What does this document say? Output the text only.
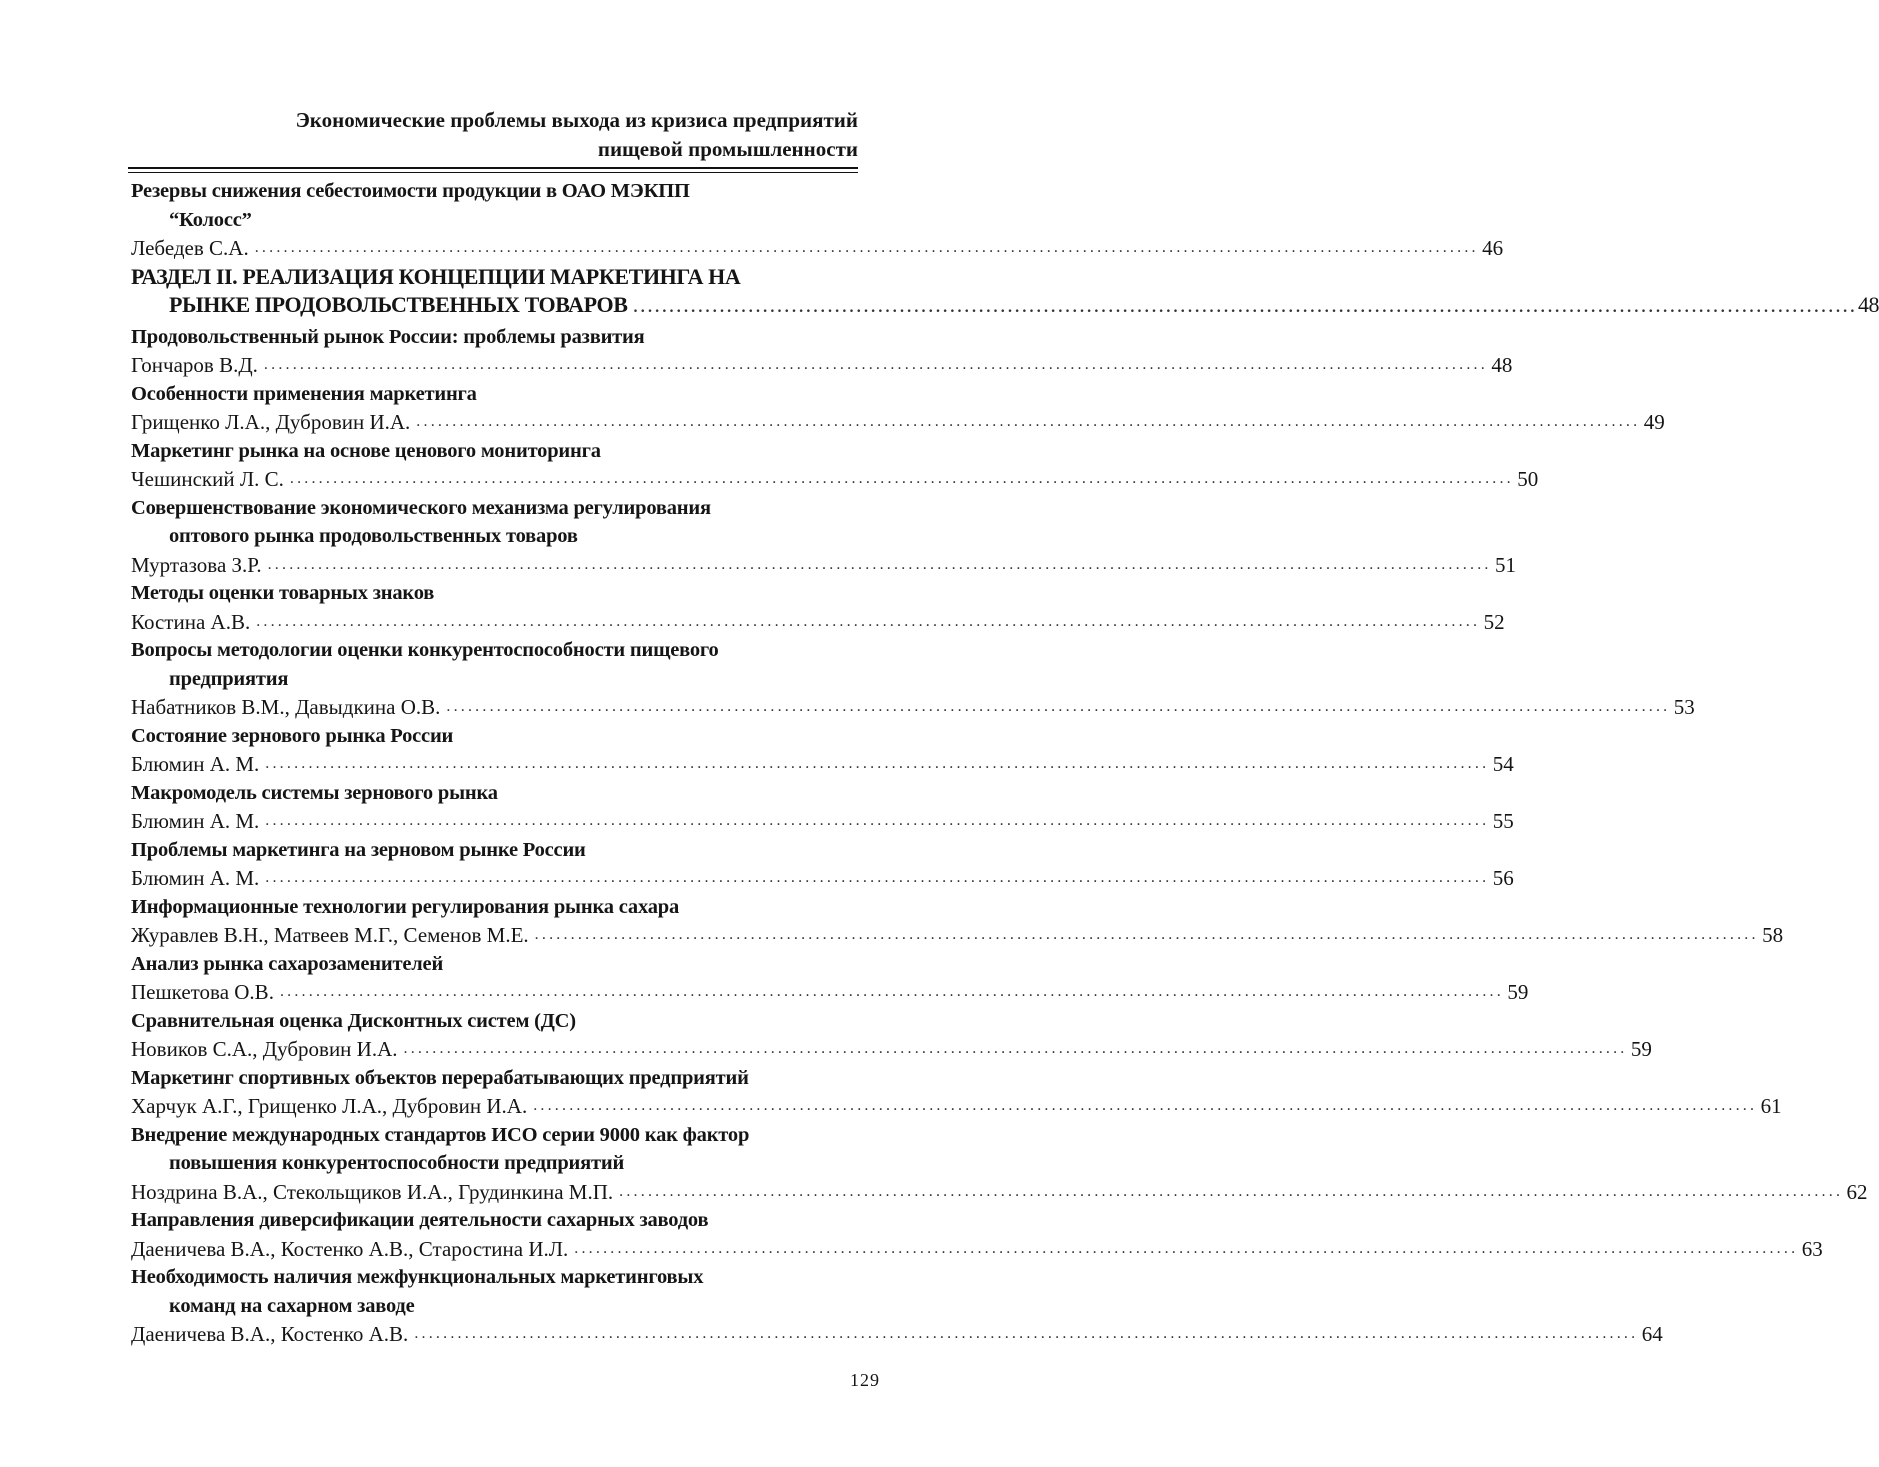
Экономические проблемы выхода из кризиса предприятий
пищевой промышленности
Резервы снижения себестоимости продукции в ОАО МЭКПП
“Колосс”
Лебедев С.А. . . .	46
РАЗДЕЛ II. РЕАЛИЗАЦИЯ КОНЦЕПЦИИ МАРКЕТИНГА НА
РЫНКЕ ПРОДОВОЛЬСТВЕННЫХ ТОВАРОВ . . .	48
Продовольственный рынок России: проблемы развития
Гончаров В.Д. . . .	48
Особенности применения маркетинга
Грищенко Л.А., Дубровин И.А. . . .	49
Маркетинг рынка на основе ценового мониторинга
Чешинский Л. С. . . .	50
Совершенствование экономического механизма регулирования
оптового рынка продовольственных товаров
Муртазова З.Р. . . .	51
Методы оценки товарных знаков
Костина А.В. . . .	52
Вопросы методологии оценки конкурентоспособности пищевого
предприятия
Набатников В.М., Давыдкина О.В. . . .	53
Состояние зернового рынка России
Блюмин А. М. . . .	54
Макромодель системы зернового рынка
Блюмин А. М. . . .	55
Проблемы маркетинга на зерновом рынке России
Блюмин А. М. . . .	56
Информационные технологии регулирования рынка сахара
Журавлев В.Н., Матвеев М.Г., Семенов М.Е. . . .	58
Анализ рынка сахарозаменителей
Пешкетова О.В. . . .	59
Сравнительная оценка Дисконтных систем (ДС)
Новиков С.А., Дубровин И.А. . . .	59
Маркетинг спортивных объектов перерабатывающих предприятий
Харчук А.Г., Грищенко Л.А., Дубровин И.А. . . .	61
Внедрение международных стандартов ИСО серии 9000 как фактор
повышения конкурентоспособности предприятий
Ноздрина В.А., Стекольщиков И.А., Грудинкина М.П. . . .	62
Направления диверсификации деятельности сахарных заводов
Даеничева В.А., Костенко А.В., Старостина И.Л. . . .	63
Необходимость наличия межфункциональных маркетинговых
команд на сахарном заводе
Даеничева В.А., Костенко А.В. . . .	64
129
